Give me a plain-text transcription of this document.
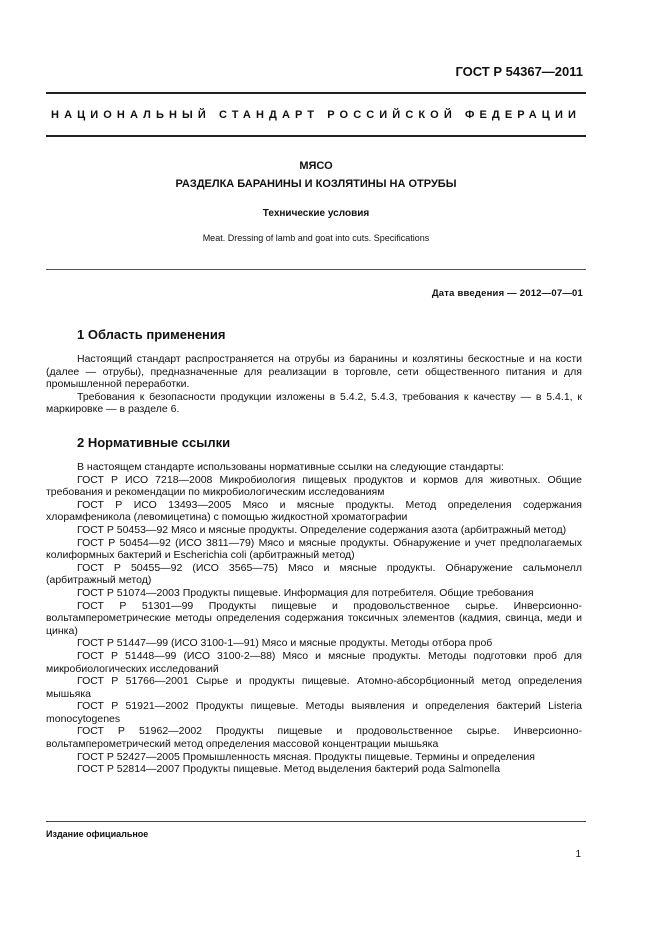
ГОСТ Р 54367—2011
НАЦИОНАЛЬНЫЙ СТАНДАРТ РОССИЙСКОЙ ФЕДЕРАЦИИ
МЯСО
РАЗДЕЛКА БАРАНИНЫ И КОЗЛЯТИНЫ НА ОТРУБЫ
Технические условия
Meat. Dressing of lamb and goat into cuts. Specifications
Дата введения — 2012—07—01
1 Область применения

Настоящий стандарт распространяется на отрубы из баранины и козлятины бескостные и на кости (далее — отрубы), предназначенные для реализации в торговле, сети общественного питания и для промышленной переработки.

Требования к безопасности продукции изложены в 5.4.2, 5.4.3, требования к качеству — в 5.4.1, к маркировке — в разделе 6.

2 Нормативные ссылки

В настоящем стандарте использованы нормативные ссылки на следующие стандарты:

ГОСТ Р ИСО 7218—2008 Микробиология пищевых продуктов и кормов для животных. Общие требования и рекомендации по микробиологическим исследованиям

ГОСТ Р ИСО 13493—2005 Мясо и мясные продукты. Метод определения содержания хлорамфеникола (левомицетина) с помощью жидкостной хроматографии

ГОСТ Р 50453—92 Мясо и мясные продукты. Определение содержания азота (арбитражный метод)

ГОСТ Р 50454—92 (ИСО 3811—79) Мясо и мясные продукты. Обнаружение и учет предполагаемых колиформных бактерий и Escherichia coli (арбитражный метод)

ГОСТ Р 50455—92 (ИСО 3565—75) Мясо и мясные продукты. Обнаружение сальмонелл (арбитражный метод)

ГОСТ Р 51074—2003 Продукты пищевые. Информация для потребителя. Общие требования

ГОСТ Р 51301—99 Продукты пищевые и продовольственное сырье. Инверсионно-вольтамперометрические методы определения содержания токсичных элементов (кадмия, свинца, меди и цинка)

ГОСТ Р 51447—99 (ИСО 3100-1—91) Мясо и мясные продукты. Методы отбора проб

ГОСТ Р 51448—99 (ИСО 3100-2—88) Мясо и мясные продукты. Методы подготовки проб для микробиологических исследований

ГОСТ Р 51766—2001 Сырье и продукты пищевые. Атомно-абсорбционный метод определения мышьяка

ГОСТ Р 51921—2002 Продукты пищевые. Методы выявления и определения бактерий Listeria monocytogenes

ГОСТ Р 51962—2002 Продукты пищевые и продовольственное сырье. Инверсионно-вольтамперометрический метод определения массовой концентрации мышьяка

ГОСТ Р 52427—2005 Промышленность мясная. Продукты пищевые. Термины и определения

ГОСТ Р 52814—2007 Продукты пищевые. Метод выделения бактерий рода Salmonella

Издание официальное
1
